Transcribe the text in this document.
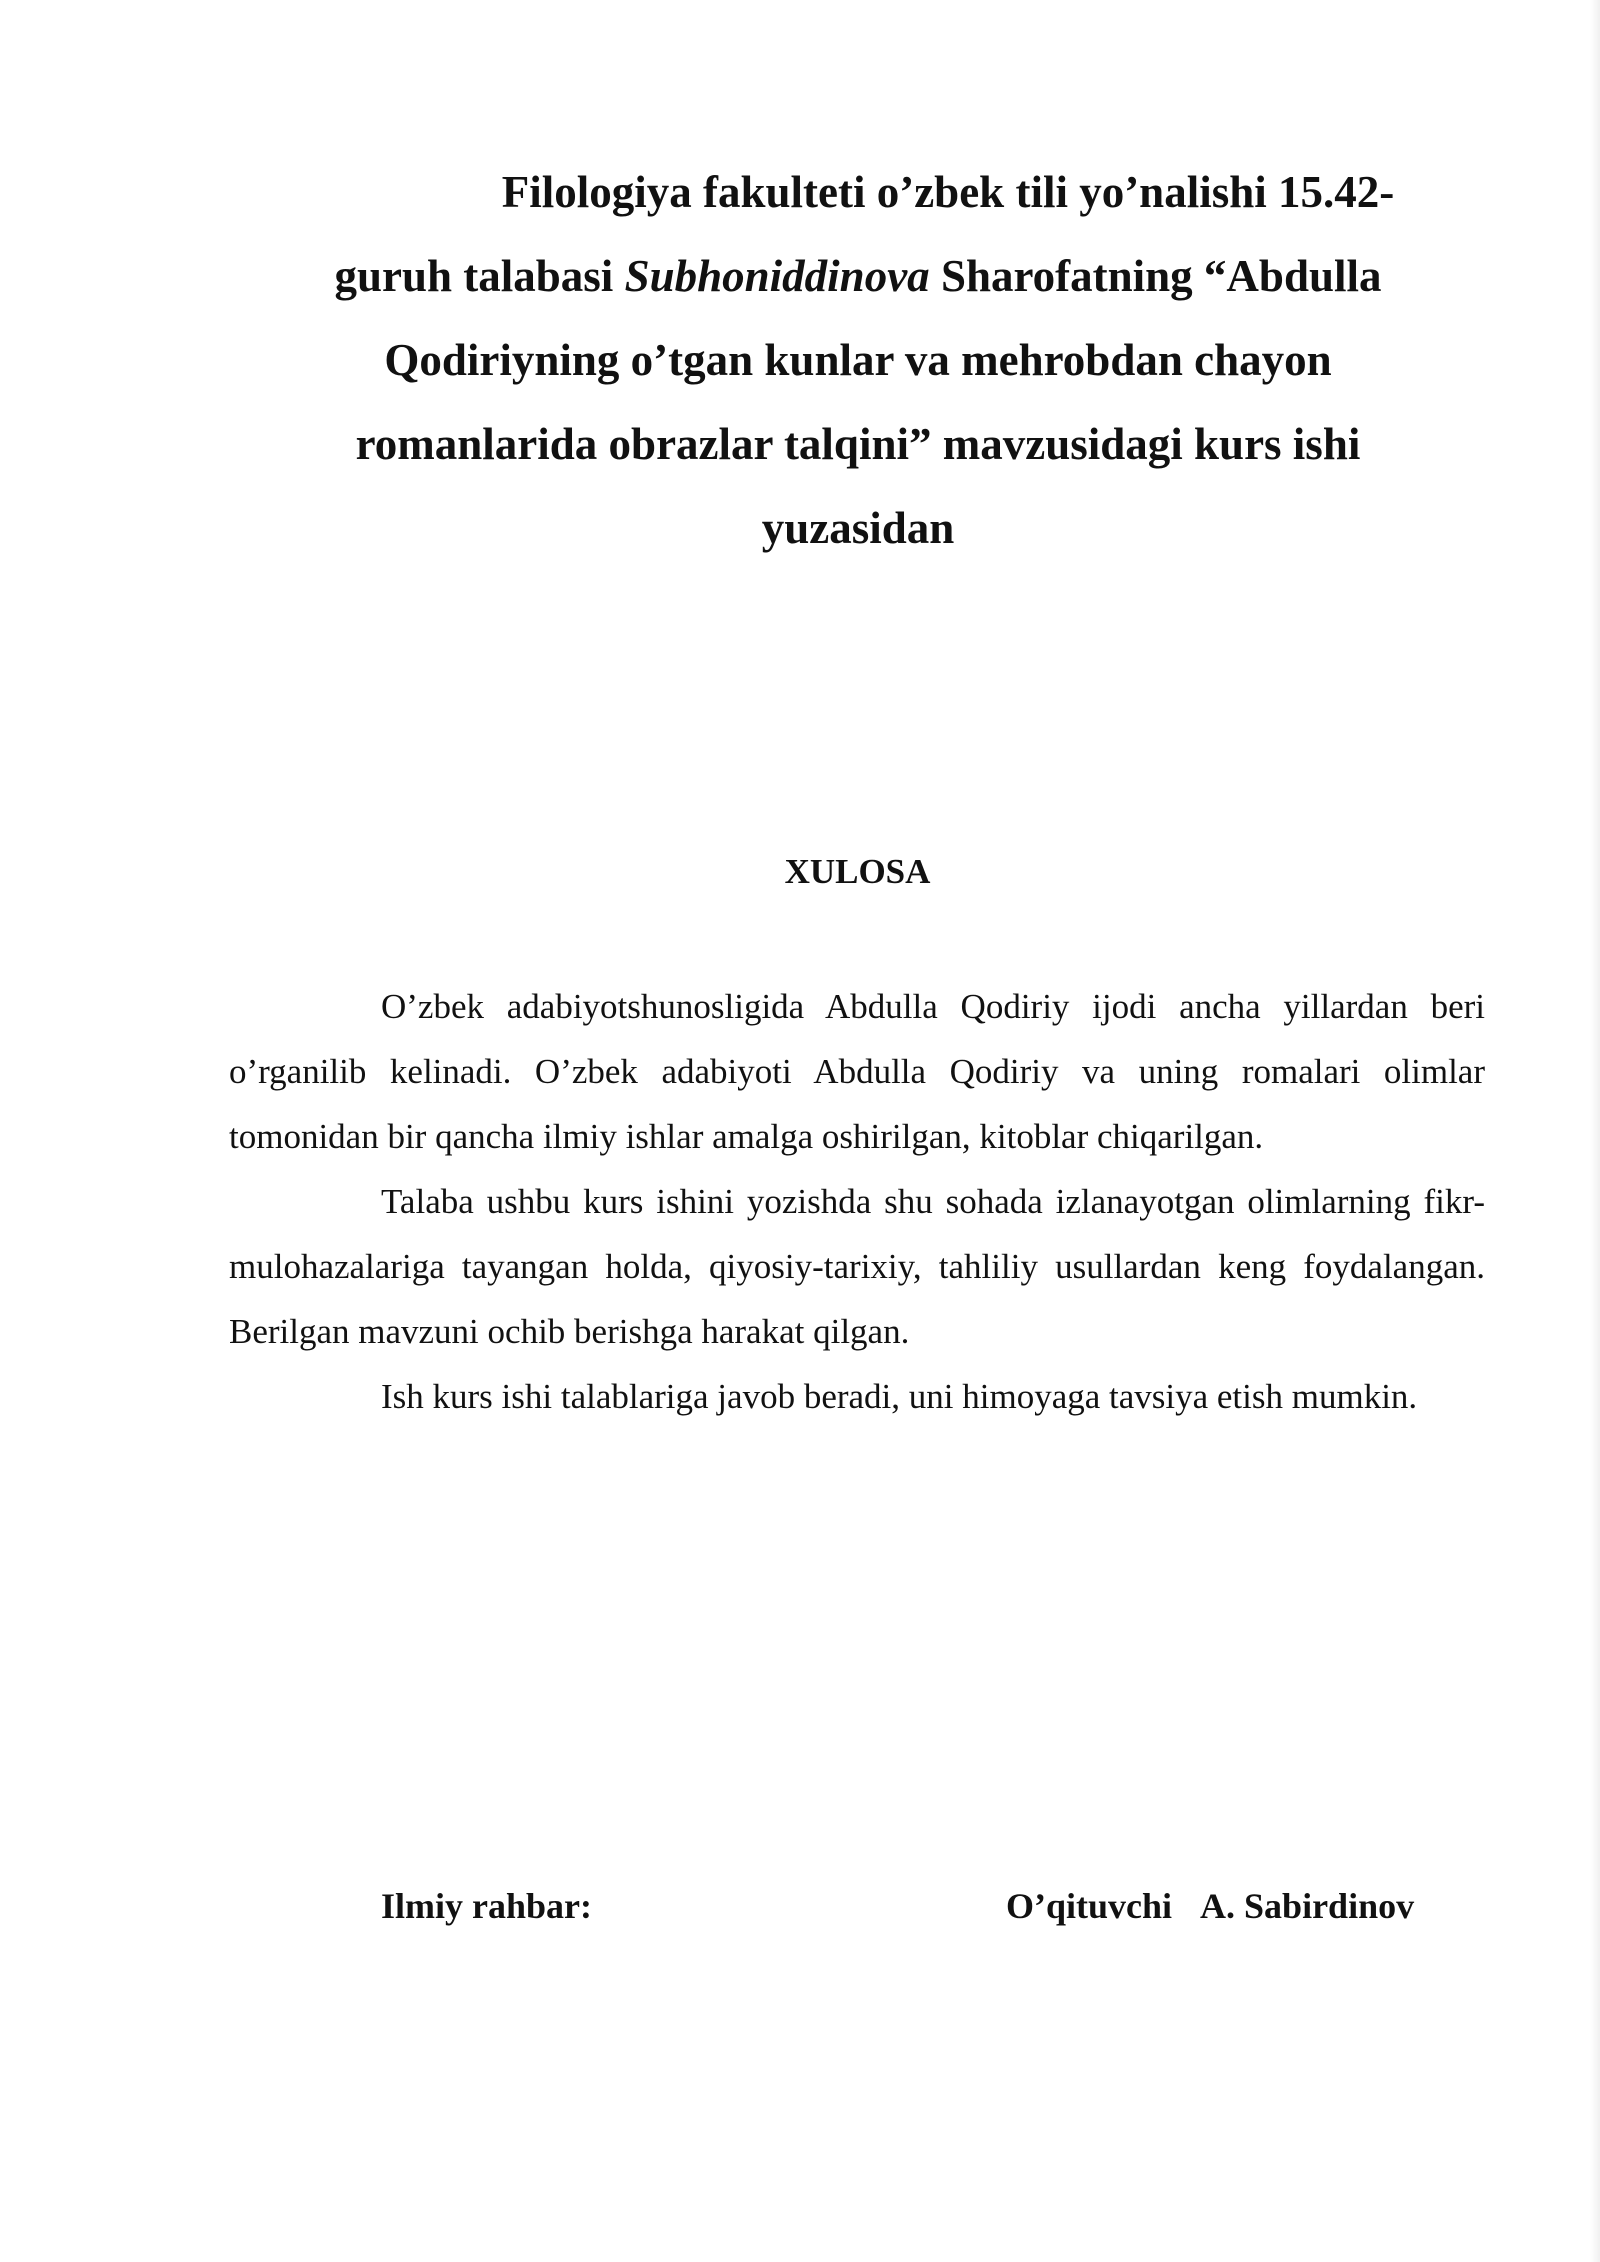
Filologiya fakulteti o’zbek tili yo’nalishi 15.42-
guruh talabasi Subhoniddinova Sharofatning “Abdulla
Qodiriyning o’tgan kunlar va mehrobdan chayon
romanlarida obrazlar talqini” mavzusidagi kurs ishi
yuzasidan
XULOSA

O’zbek adabiyotshunosligida Abdulla Qodiriy ijodi ancha yillardan beri o’rganilib kelinadi. O’zbek adabiyoti Abdulla Qodiriy va uning romalari olimlar tomonidan bir qancha ilmiy ishlar amalga oshirilgan, kitoblar chiqarilgan.

Talaba ushbu kurs ishini yozishda shu sohada izlanayotgan olimlarning fikr-mulohazalariga tayangan holda, qiyosiy-tarixiy, tahliliy usullardan keng foydalangan. Berilgan mavzuni ochib berishga harakat qilgan.

Ish kurs ishi talablariga javob beradi, uni himoyaga tavsiya etish mumkin.

Ilmiy rahbar:	O’qituvchi A. Sabirdinov
